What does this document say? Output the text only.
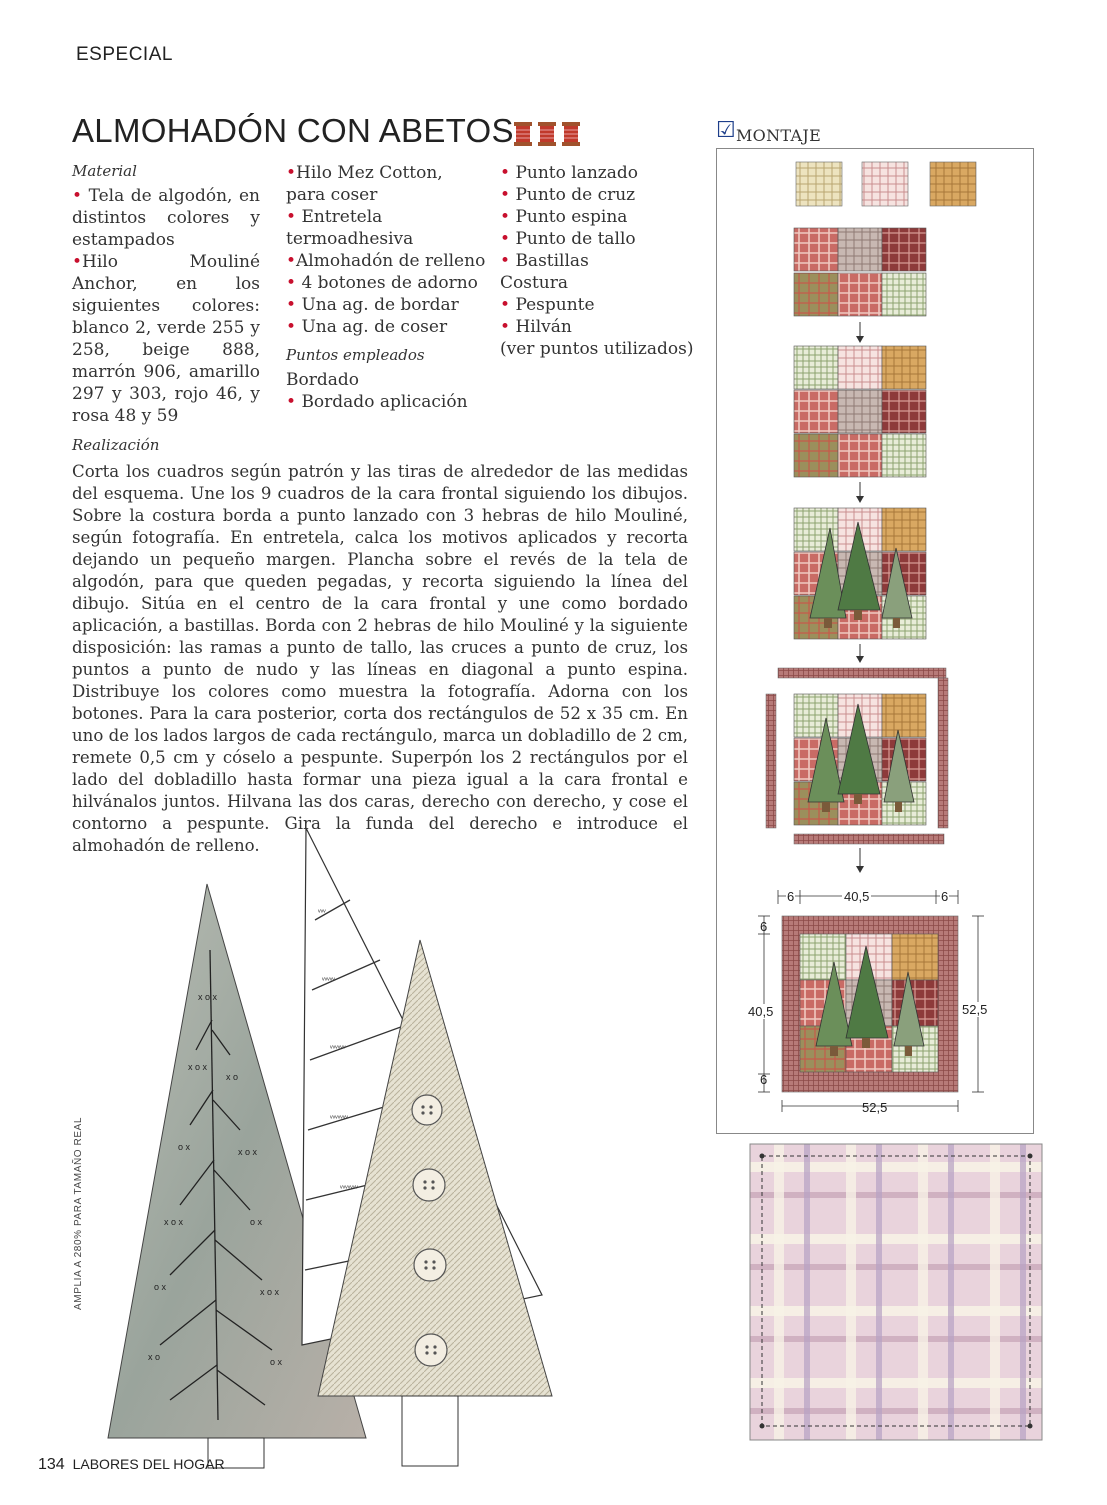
ESPECIAL
ALMOHADÓN CON ABETOS
Material
• Tela de algodón, en distintos colores y estampados
•Hilo Mouliné Anchor, en los siguientes colores: blanco 2, verde 255 y 258, beige 888, marrón 906, amarillo 297 y 303, rojo 46, y rosa 48 y 59
•Hilo Mez Cotton, para coser
• Entretela termoadhesiva
•Almohadón de relleno
• 4 botones de adorno
• Una ag. de bordar
• Una ag. de coser
Puntos empleados
Bordado
• Bordado aplicación
• Punto lanzado
• Punto de cruz
• Punto espina
• Punto de tallo
• Bastillas
Costura
• Pespunte
• Hilván
(ver puntos utilizados)
Realización
Corta los cuadros según patrón y las tiras de alrededor de las medidas del esquema. Une los 9 cuadros de la cara frontal siguiendo los dibujos. Sobre la costura borda a punto lanzado con 3 hebras de hilo Mouliné, según fotografía. En entretela, calca los motivos aplicados y recorta dejando un pequeño margen. Plancha sobre el revés de la tela de algodón, para que queden pegadas, y recorta siguiendo la línea del dibujo. Sitúa en el centro de la cara frontal y une como bordado aplicación, a bastillas. Borda con 2 hebras de hilo Mouliné y la siguiente disposición: las ramas a punto de tallo, las cruces a punto de cruz, los puntos a punto de nudo y las líneas en diagonal a punto espina. Distribuye los colores como muestra la fotografía. Adorna con los botones. Para la cara posterior, corta dos rectángulos de 52 x 35 cm. En uno de los lados largos de cada rectángulo, marca un dobladillo de 2 cm, remete 0,5 cm y cóselo a pespunte. Superpón los 2 rectángulos por el lado del dobladillo hasta formar una pieza igual a la cara frontal e hilvánalos juntos. Hilvana las dos caras, derecho con derecho, y cose el contorno a pespunte. Gira la funda del derecho e introduce el almohadón de relleno.
☑ MONTAJE
6	40,5	6
6
40,5
6
52,5
52,5
x o x
x o x
x o
o x	x o x
x o x	o x
o x	x o x
x o	o x
ᵥᵥᵥ
ᵥᵥᵥᵥᵥ
ᵥᵥᵥᵥᵥᵥ
ᵥᵥᵥᵥᵥᵥᵥ
ᵥᵥᵥᵥᵥᵥᵥ
AMPLIA A 280% PARA TAMAÑO REAL
134 LABORES DEL HOGAR
